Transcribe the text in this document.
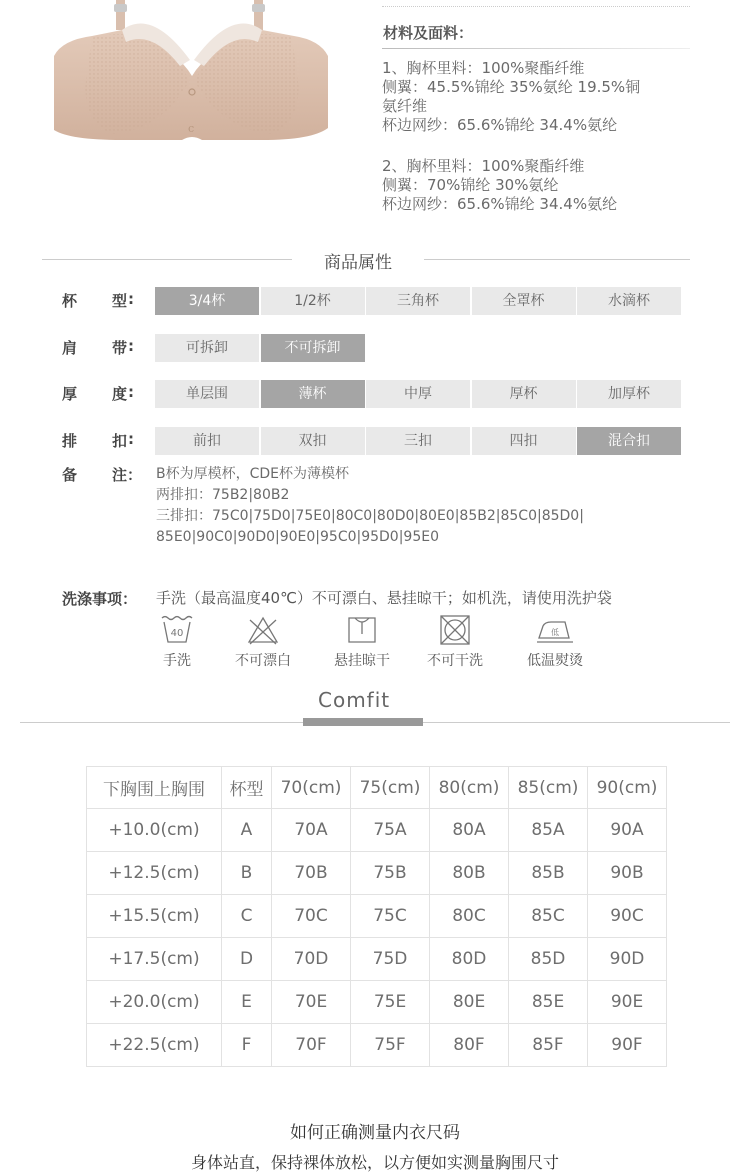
c
材料及面料：
1、胸杯里料：100%聚酯纤维
侧翼：45.5%锦纶 35%氨纶 19.5%铜
氨纤维
杯边网纱：65.6%锦纶 34.4%氨纶
2、胸杯里料：100%聚酯纤维
侧翼：70%锦纶 30%氨纶
杯边网纱：65.6%锦纶 34.4%氨纶
商品属性
杯 型 :	3/4杯	1/2杯	三角杯	全罩杯	水滴杯
肩 带 :	可拆卸	不可拆卸
厚 度 :	单层围	薄杯	中厚	厚杯	加厚杯
排 扣 :	前扣	双扣	三扣	四扣	混合扣
备 注： B杯为厚模杯，CDE杯为薄模杯
两排扣：75B2|80B2
三排扣：75C0|75D0|75E0|80C0|80D0|80E0|85B2|85C0|85D0|
85E0|90C0|90D0|90E0|95C0|95D0|95E0
洗涤事项： 手洗（最高温度40℃）不可漂白、悬挂晾干；如机洗，请使用洗护袋
40
手洗	不可漂白	悬挂晾干	不可干洗
低
低温熨烫
Comfit
下胸围上胸围	杯型	70(cm)	75(cm)	80(cm)	85(cm)	90(cm)
+10.0(cm)	A	70A	75A	80A	85A	90A
+12.5(cm)	B	70B	75B	80B	85B	90B
+15.5(cm)	C	70C	75C	80C	85C	90C
+17.5(cm)	D	70D	75D	80D	85D	90D
+20.0(cm)	E	70E	75E	80E	85E	90E
+22.5(cm)	F	70F	75F	80F	85F	90F
如何正确测量内衣尺码
身体站直，保持裸体放松，以方便如实测量胸围尺寸
